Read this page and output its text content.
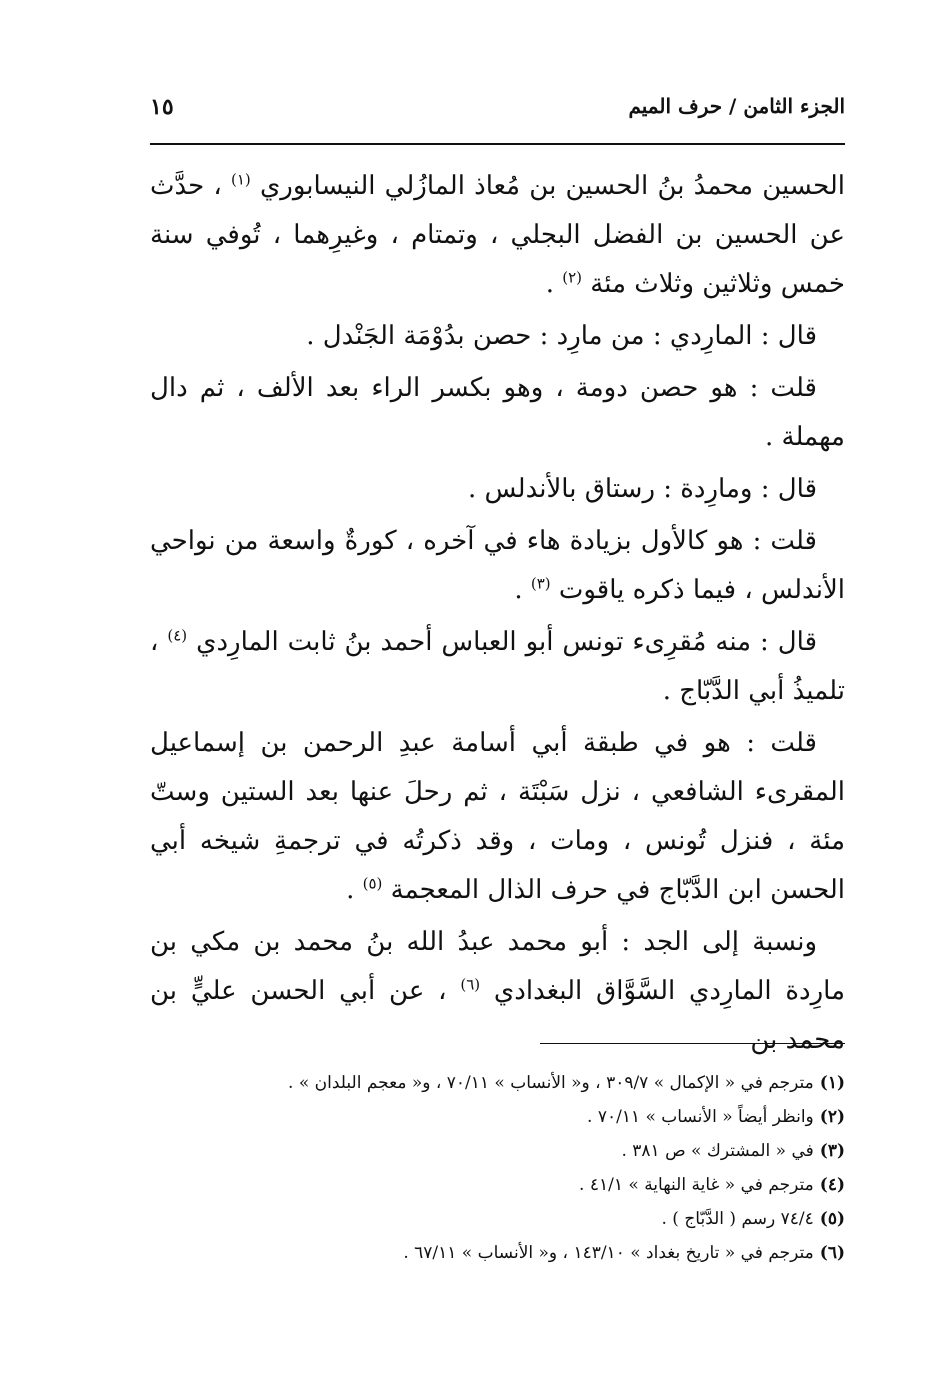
الجزء الثامن / حرف الميم
١٥

الحسين محمدُ بنُ الحسين بن مُعاذ المازُلي النيسابوري $^{(١)}$ ، حدَّث عن الحسين بن الفضل البجلي ، وتمتام ، وغيرِهما ، تُوفي سنة خمس وثلاثين وثلاث مئة $^{(٢)}$ .

قال : المارِدي : من مارِد : حصن بدُوْمَة الجَنْدل .

قلت : هو حصن دومة ، وهو بكسر الراء بعد الألف ، ثم دال مهملة .

قال : ومارِدة : رستاق بالأندلس .

قلت : هو كالأول بزيادة هاء في آخره ، كورةٌ واسعة من نواحي الأندلس ، فيما ذكره ياقوت $^{(٣)}$ .

قال : منه مُقرِىء تونس أبو العباس أحمد بنُ ثابت المارِدي $^{(٤)}$ ، تلميذُ أبي الدَّبّاج .

قلت : هو في طبقة أبي أسامة عبدِ الرحمن بن إسماعيل المقرىء الشافعي ، نزل سَبْتَة ، ثم رحلَ عنها بعد الستين وستّ مئة ، فنزل تُونس ، ومات ، وقد ذكرتُه في ترجمةِ شيخه أبي الحسن ابن الدَّبّاج في حرف الذال المعجمة $^{(٥)}$ .

ونسبة إلى الجد : أبو محمد عبدُ الله بنُ محمد بن مكي بن مارِدة المارِدي السَّوَّاق البغدادي $^{(٦)}$ ، عن أبي الحسن عليٍّ بن محمد بن

(١)مترجم في « الإكمال » ٣٠٩/٧ ، و« الأنساب » ٧٠/١١ ، و« معجم البلدان » .
(٢)وانظر أيضاً « الأنساب » ٧٠/١١ .
(٣)في « المشترك » ص ٣٨١ .
(٤)مترجم في « غاية النهاية » ٤١/١ .
(٥)٧٤/٤ رسم ( الدَّبّاج ) .
(٦)مترجم في « تاريخ بغداد » ١٤٣/١٠ ، و« الأنساب » ٦٧/١١ .
